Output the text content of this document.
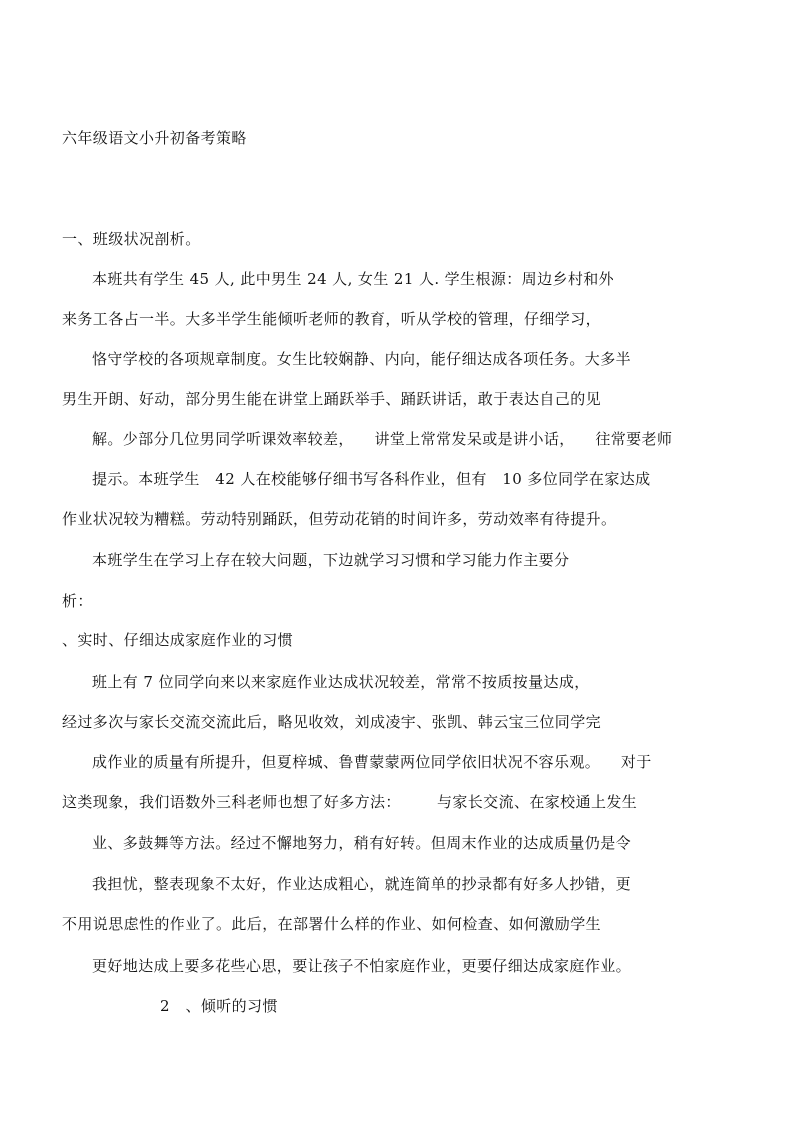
六年级语文小升初备考策略
一、班级状况剖析。
本班共有学生 45 人, 此中男生 24 人, 女生 21 人. 学生根源：周边乡村和外
来务工各占一半。大多半学生能倾听老师的教育，听从学校的管理，仔细学习，
恪守学校的各项规章制度。女生比较娴静、内向，能仔细达成各项任务。大多半
男生开朗、好动，部分男生能在讲堂上踊跃举手、踊跃讲话，敢于表达自己的见
解。少部分几位男同学听课效率较差，    讲堂上常常发呆或是讲小话，    往常要老师
提示。本班学生   42 人在校能够仔细书写各科作业，但有   10 多位同学在家达成
作业状况较为糟糕。劳动特别踊跃，但劳动花销的时间许多，劳动效率有待提升。
本班学生在学习上存在较大问题，下边就学习习惯和学习能力作主要分
析：
、实时、仔细达成家庭作业的习惯
班上有 7 位同学向来以来家庭作业达成状况较差，常常不按质按量达成，
经过多次与家长交流交流此后，略见收效，刘成凌宇、张凯、韩云宝三位同学完
成作业的质量有所提升，但夏梓城、鲁曹蒙蒙两位同学依旧状况不容乐观。    对于
这类现象，我们语数外三科老师也想了好多方法：       与家长交流、在家校通上发生
业、多鼓舞等方法。经过不懈地努力，稍有好转。但周末作业的达成质量仍是令
我担忧，整表现象不太好，作业达成粗心，就连简单的抄录都有好多人抄错，更
不用说思虑性的作业了。此后，在部署什么样的作业、如何检查、如何激励学生
更好地达成上要多花些心思，要让孩子不怕家庭作业，更要仔细达成家庭作业。
2   、倾听的习惯
